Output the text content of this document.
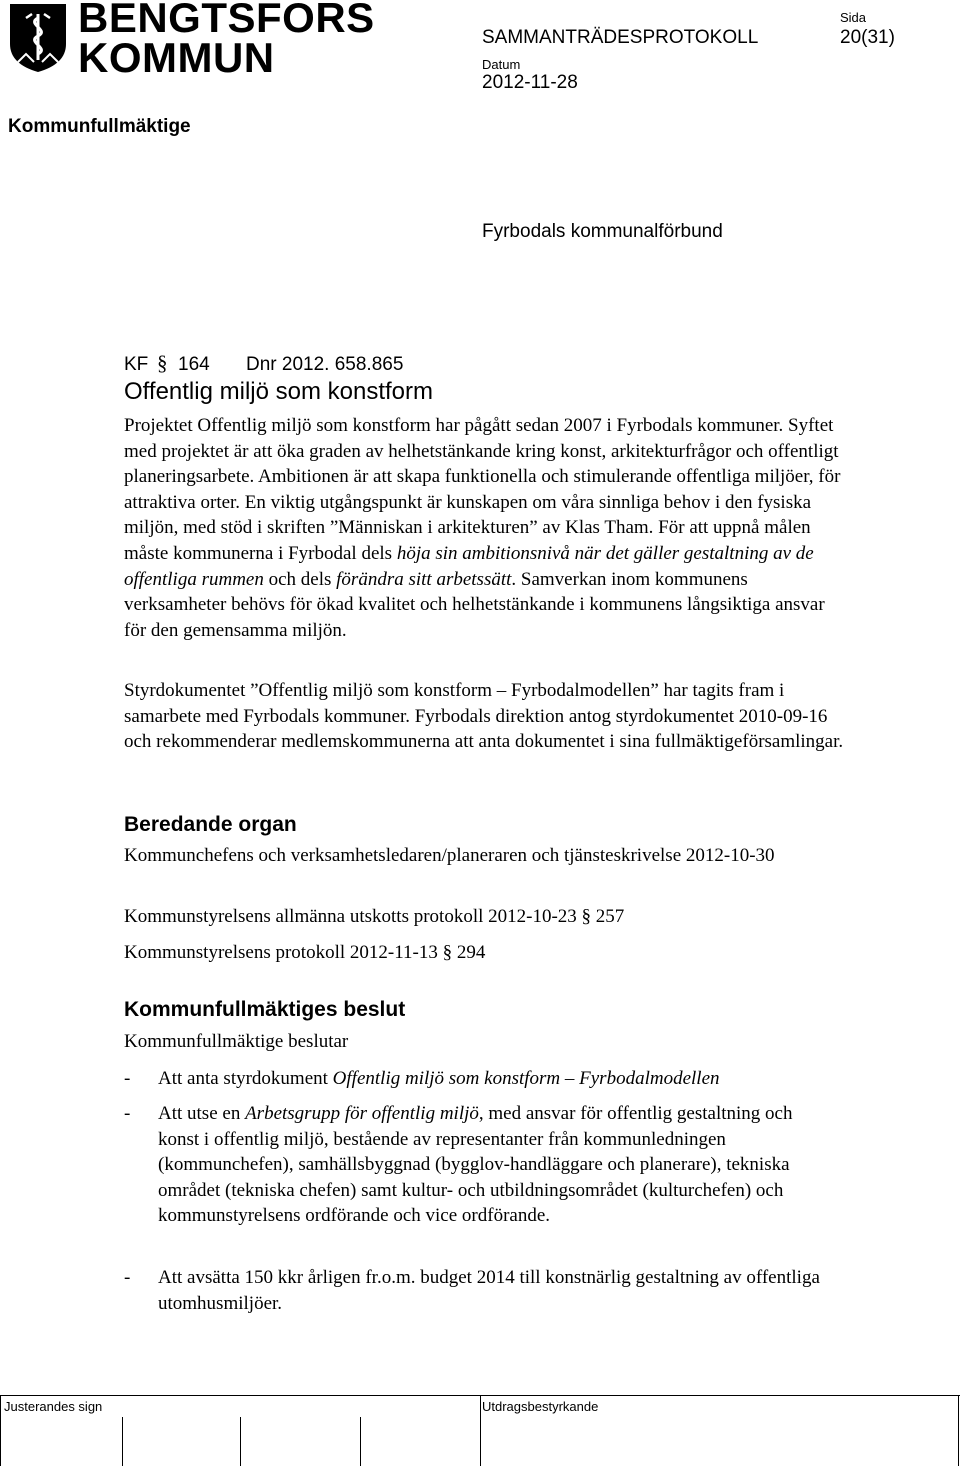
BENGTSFORS
KOMMUN
Sida
SAMMANTRÄDESPROTOKOLL	20(31)
Datum
2012-11-28
Kommunfullmäktige
Fyrbodals kommunalförbund
KF § 164 Dnr 2012. 658.865
Offentlig miljö som konstform
Projektet Offentlig miljö som konstform har pågått sedan 2007 i Fyrbodals kommuner. Syftet med projektet är att öka graden av helhetstänkande kring konst, arkitekturfrågor och offentligt planeringsarbete. Ambitionen är att skapa funktionella och stimulerande offentliga miljöer, för attraktiva orter. En viktig utgångspunkt är kunskapen om våra sinnliga behov i den fysiska miljön, med stöd i skriften ”Människan i arkitekturen” av Klas Tham. För att uppnå målen måste kommunerna i Fyrbodal dels höja sin ambitionsnivå när det gäller gestaltning av de offentliga rummen och dels förändra sitt arbetssätt. Samverkan inom kommunens verksamheter behövs för ökad kvalitet och helhetstänkande i kommunens långsiktiga ansvar för den gemensamma miljön.
Styrdokumentet ”Offentlig miljö som konstform – Fyrbodalmodellen” har tagits fram i samarbete med Fyrbodals kommuner. Fyrbodals direktion antog styrdokumentet 2010-09-16 och rekommenderar medlemskommunerna att anta dokumentet i sina fullmäktigeförsamlingar.
Beredande organ
Kommunchefens och verksamhetsledaren/planeraren och tjänsteskrivelse 2012-10-30
Kommunstyrelsens allmänna utskotts protokoll 2012-10-23 § 257
Kommunstyrelsens protokoll 2012-11-13 § 294
Kommunfullmäktiges beslut
Kommunfullmäktige beslutar
- Att anta styrdokument Offentlig miljö som konstform – Fyrbodalmodellen
- Att utse en Arbetsgrupp för offentlig miljö, med ansvar för offentlig gestaltning och konst i offentlig miljö, bestående av representanter från kommunledningen (kommunchefen), samhällsbyggnad (bygglov-handläggare och planerare), tekniska området (tekniska chefen) samt kultur- och utbildningsområdet (kulturchefen) och kommunstyrelsens ordförande och vice ordförande.
- Att avsätta 150 kkr årligen fr.o.m. budget 2014 till konstnärlig gestaltning av offentliga utomhusmiljöer.
Justerandes sign	Utdragsbestyrkande
